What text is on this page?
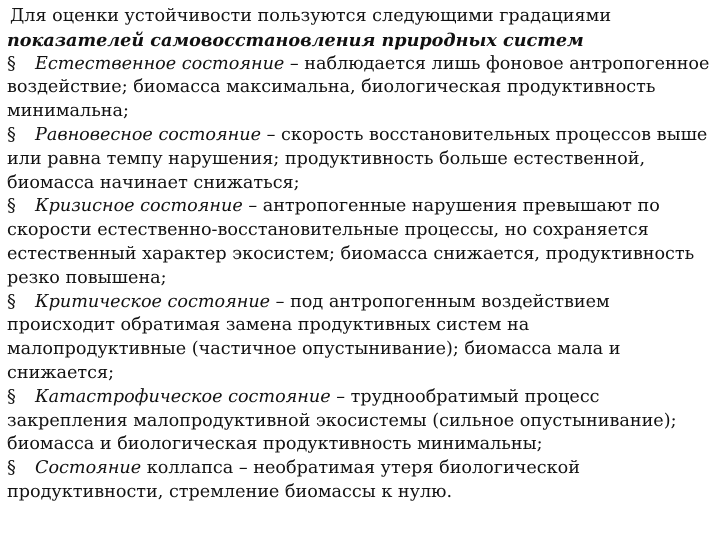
Для оценки устойчивости пользуются следующими градациями

показателей самовосстановления природных систем

§ Естественное состояние – наблюдается лишь фоновое антропогенное воздействие; биомасса максимальна, биологическая продуктивность минимальна;

§ Равновесное состояние – скорость восстановительных процессов выше или равна темпу нарушения; продуктивность больше естественной, биомасса начинает снижаться;

§ Кризисное состояние – антропогенные нарушения превышают по скорости естественно-восстановительные процессы, но сохраняется естественный характер экосистем; биомасса снижается, продуктивность резко повышена;

§ Критическое состояние – под антропогенным воздействием происходит обратимая замена продуктивных систем на малопродуктивные (частичное опустынивание); биомасса мала и снижается;

§ Катастрофическое состояние – труднообратимый процесс закрепления малопродуктивной экосистемы (сильное опустынивание); биомасса и биологическая продуктивность минимальны;

§ Состояние коллапса – необратимая утеря биологической продуктивности, стремление биомассы к нулю.
